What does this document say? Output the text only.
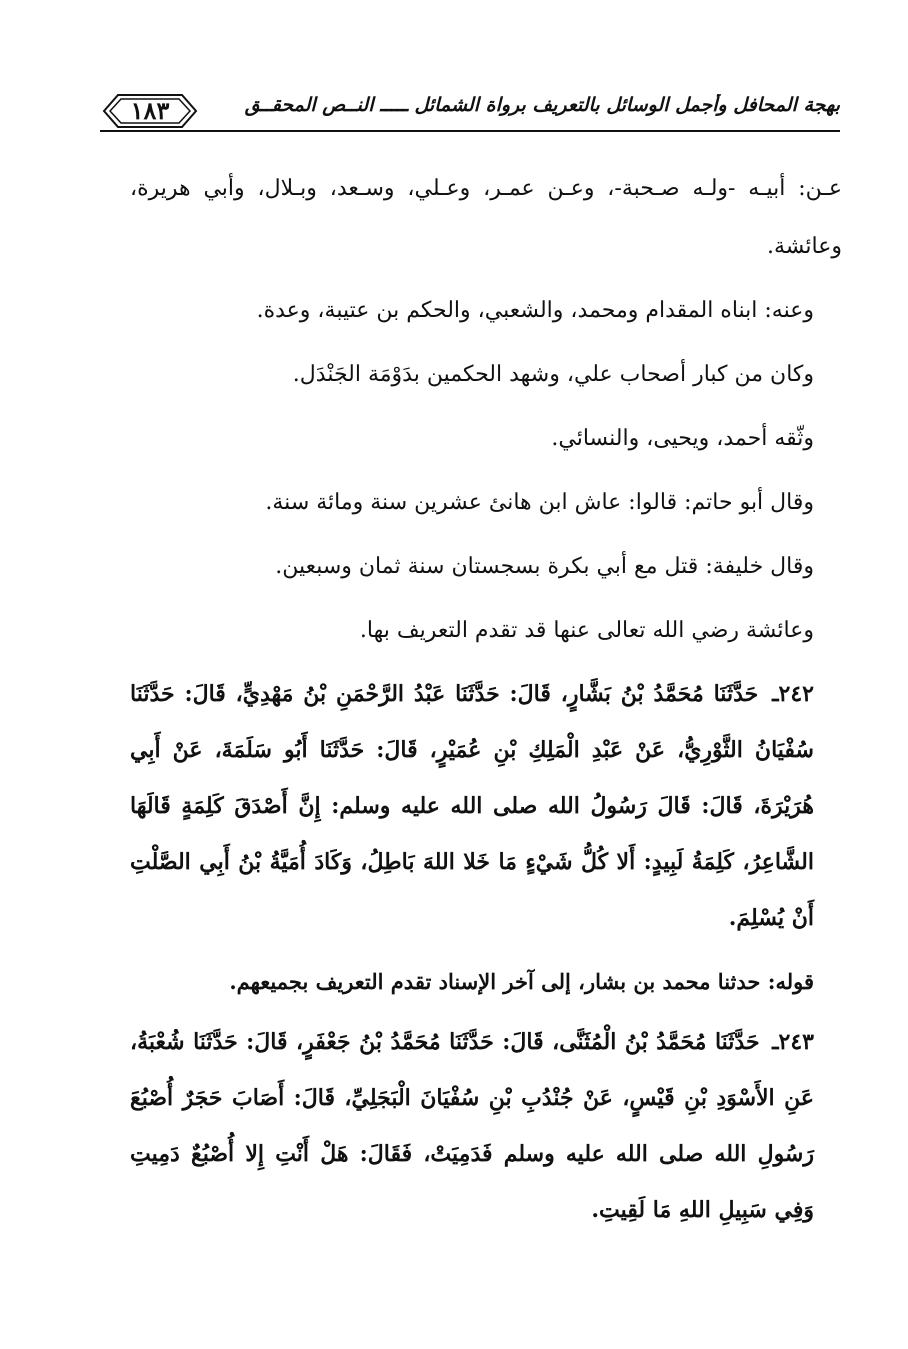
١٨٣	بهجة المحافل وأجمل الوسائل بالتعريف برواة الشمائل ـــــ النــص المحقــق

عـن: أبيـه -ولـه صـحبة-، وعـن عمـر، وعـلي، وسـعد، وبـلال، وأبي هريرة، وعائشة.

وعنه: ابناه المقدام ومحمد، والشعبي، والحكم بن عتيبة، وعدة.

وكان من كبار أصحاب علي، وشهد الحكمين بدَوْمَة الجَنْدَل.

وثّقه أحمد، ويحيى، والنسائي.

وقال أبو حاتم: قالوا: عاش ابن هانئ عشرين سنة ومائة سنة.

وقال خليفة: قتل مع أبي بكرة بسجستان سنة ثمان وسبعين.

وعائشة رضي الله تعالى عنها قد تقدم التعريف بها.

٢٤٢ـ حَدَّثَنَا مُحَمَّدُ بْنُ بَشَّارٍ، قَالَ: حَدَّثَنَا عَبْدُ الرَّحْمَنِ بْنُ مَهْدِيٍّ، قَالَ: حَدَّثَنَا سُفْيَانُ الثَّوْرِيُّ، عَنْ عَبْدِ الْمَلِكِ بْنِ عُمَيْرٍ، قَالَ: حَدَّثَنَا أَبُو سَلَمَةَ، عَنْ أَبِي هُرَيْرَةَ، قَالَ: قَالَ رَسُولُ الله صلى الله عليه وسلم: إِنَّ أَصْدَقَ كَلِمَةٍ قَالَهَا الشَّاعِرُ، كَلِمَةُ لَبِيدٍ: أَلا كُلُّ شَيْءٍ مَا خَلا اللهَ بَاطِلُ، وَكَادَ أُمَيَّةُ بْنُ أَبِي الصَّلْتِ أَنْ يُسْلِمَ.

قوله: حدثنا محمد بن بشار، إلى آخر الإسناد تقدم التعريف بجميعهم.

٢٤٣ـ حَدَّثَنَا مُحَمَّدُ بْنُ الْمُثَنَّى، قَالَ: حَدَّثَنَا مُحَمَّدُ بْنُ جَعْفَرٍ، قَالَ: حَدَّثَنَا شُعْبَةُ، عَنِ الأَسْوَدِ بْنِ قَيْسٍ، عَنْ جُنْدُبِ بْنِ سُفْيَانَ الْبَجَلِيِّ، قَالَ: أَصَابَ حَجَرٌ أُصْبُعَ رَسُولِ الله صلى الله عليه وسلم فَدَمِيَتْ، فَقَالَ: هَلْ أَنْتِ إِلا أُصْبُعٌ دَمِيتِ وَفِي سَبِيلِ اللهِ مَا لَقِيتِ.
